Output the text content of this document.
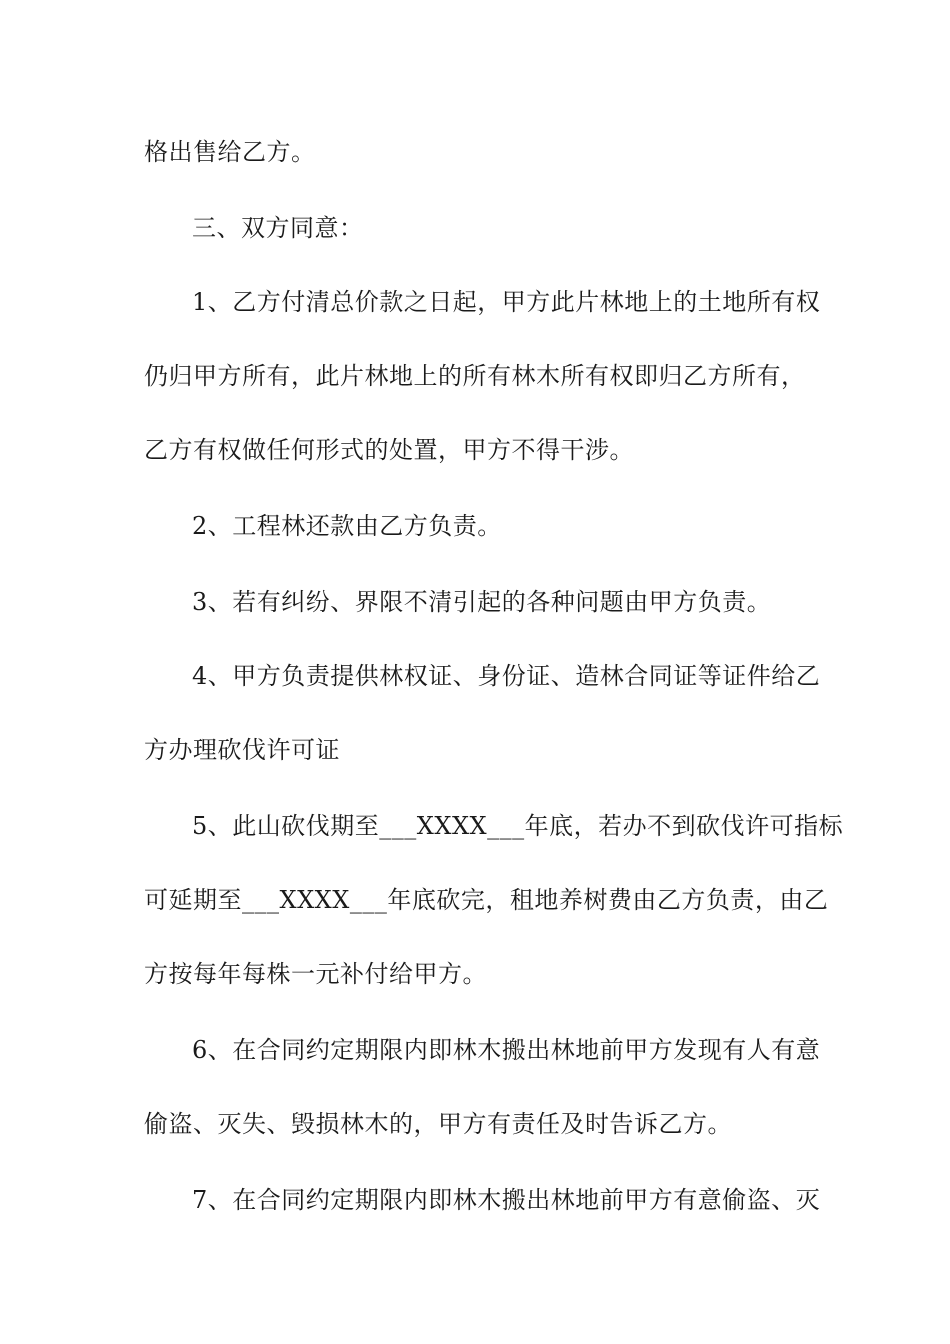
格出售给乙方。
三、双方同意：
1、乙方付清总价款之日起，甲方此片林地上的土地所有权
仍归甲方所有，此片林地上的所有林木所有权即归乙方所有，
乙方有权做任何形式的处置，甲方不得干涉。
2、工程林还款由乙方负责。
3、若有纠纷、界限不清引起的各种问题由甲方负责。
4、甲方负责提供林权证、身份证、造林合同证等证件给乙
方办理砍伐许可证
5、此山砍伐期至___XXXX___年底，若办不到砍伐许可指标
可延期至___XXXX___年底砍完，租地养树费由乙方负责，由乙
方按每年每株一元补付给甲方。
6、在合同约定期限内即林木搬出林地前甲方发现有人有意
偷盗、灭失、毁损林木的，甲方有责任及时告诉乙方。
7、在合同约定期限内即林木搬出林地前甲方有意偷盗、灭
